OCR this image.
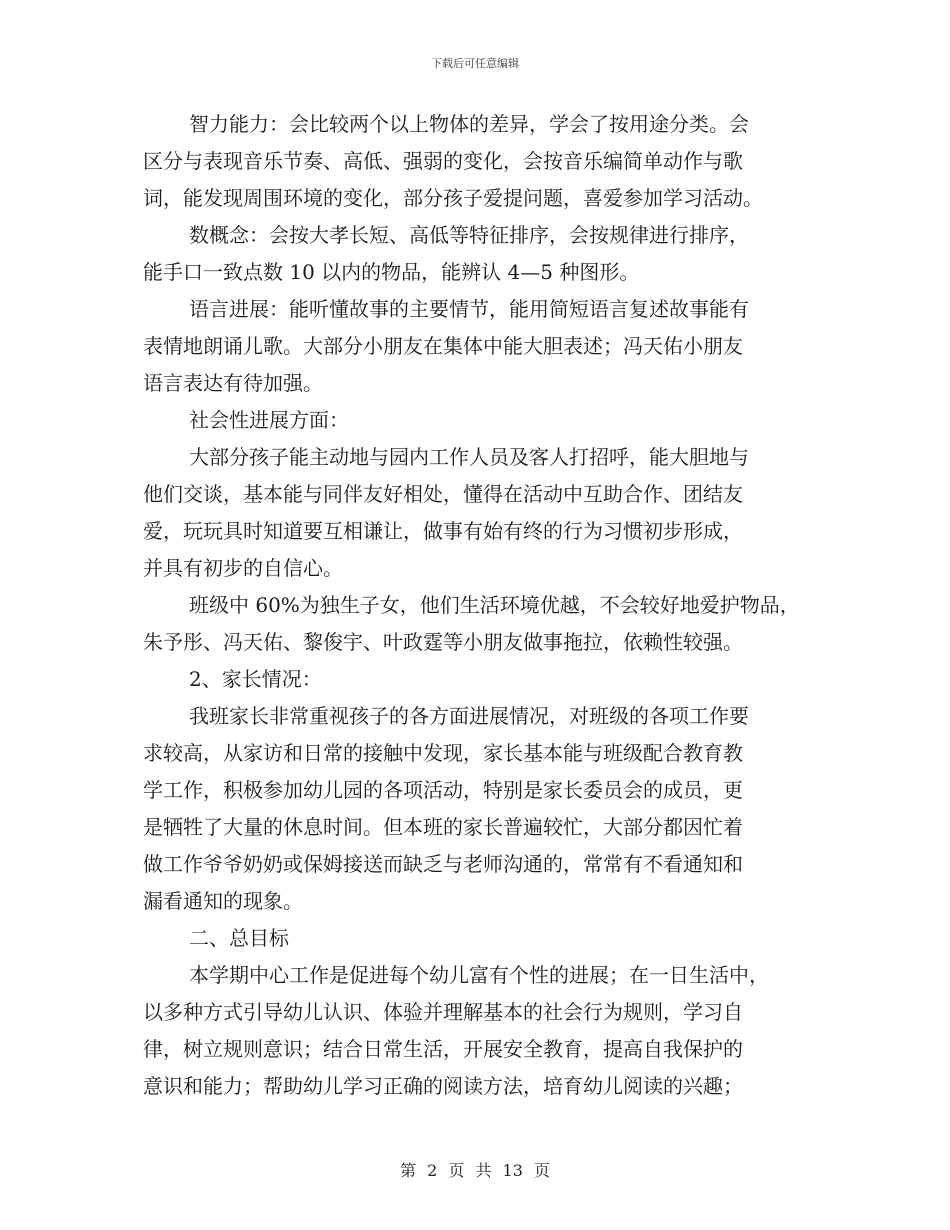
下载后可任意编辑
智力能力：会比较两个以上物体的差异，学会了按用途分类。会
区分与表现音乐节奏、高低、强弱的变化，会按音乐编简单动作与歌
词，能发现周围环境的变化，部分孩子爱提问题，喜爱参加学习活动。
数概念：会按大孝长短、高低等特征排序，会按规律进行排序，
能手口一致点数 10 以内的物品，能辨认 4—5 种图形。
语言进展：能听懂故事的主要情节，能用简短语言复述故事能有
表情地朗诵儿歌。大部分小朋友在集体中能大胆表述；冯天佑小朋友
语言表达有待加强。
社会性进展方面：
大部分孩子能主动地与园内工作人员及客人打招呼，能大胆地与
他们交谈，基本能与同伴友好相处，懂得在活动中互助合作、团结友
爱，玩玩具时知道要互相谦让，做事有始有终的行为习惯初步形成，
并具有初步的自信心。
班级中 60%为独生子女，他们生活环境优越，不会较好地爱护物品，
朱予彤、冯天佑、黎俊宇、叶政霆等小朋友做事拖拉，依赖性较强。
2、家长情况：
我班家长非常重视孩子的各方面进展情况，对班级的各项工作要
求较高，从家访和日常的接触中发现，家长基本能与班级配合教育教
学工作，积极参加幼儿园的各项活动，特别是家长委员会的成员，更
是牺牲了大量的休息时间。但本班的家长普遍较忙，大部分都因忙着
做工作爷爷奶奶或保姆接送而缺乏与老师沟通的，常常有不看通知和
漏看通知的现象。
二、总目标
本学期中心工作是促进每个幼儿富有个性的进展；在一日生活中，
以多种方式引导幼儿认识、体验并理解基本的社会行为规则，学习自
律，树立规则意识；结合日常生活，开展安全教育，提高自我保护的
意识和能力；帮助幼儿学习正确的阅读方法，培育幼儿阅读的兴趣；
第 2 页 共 13 页
